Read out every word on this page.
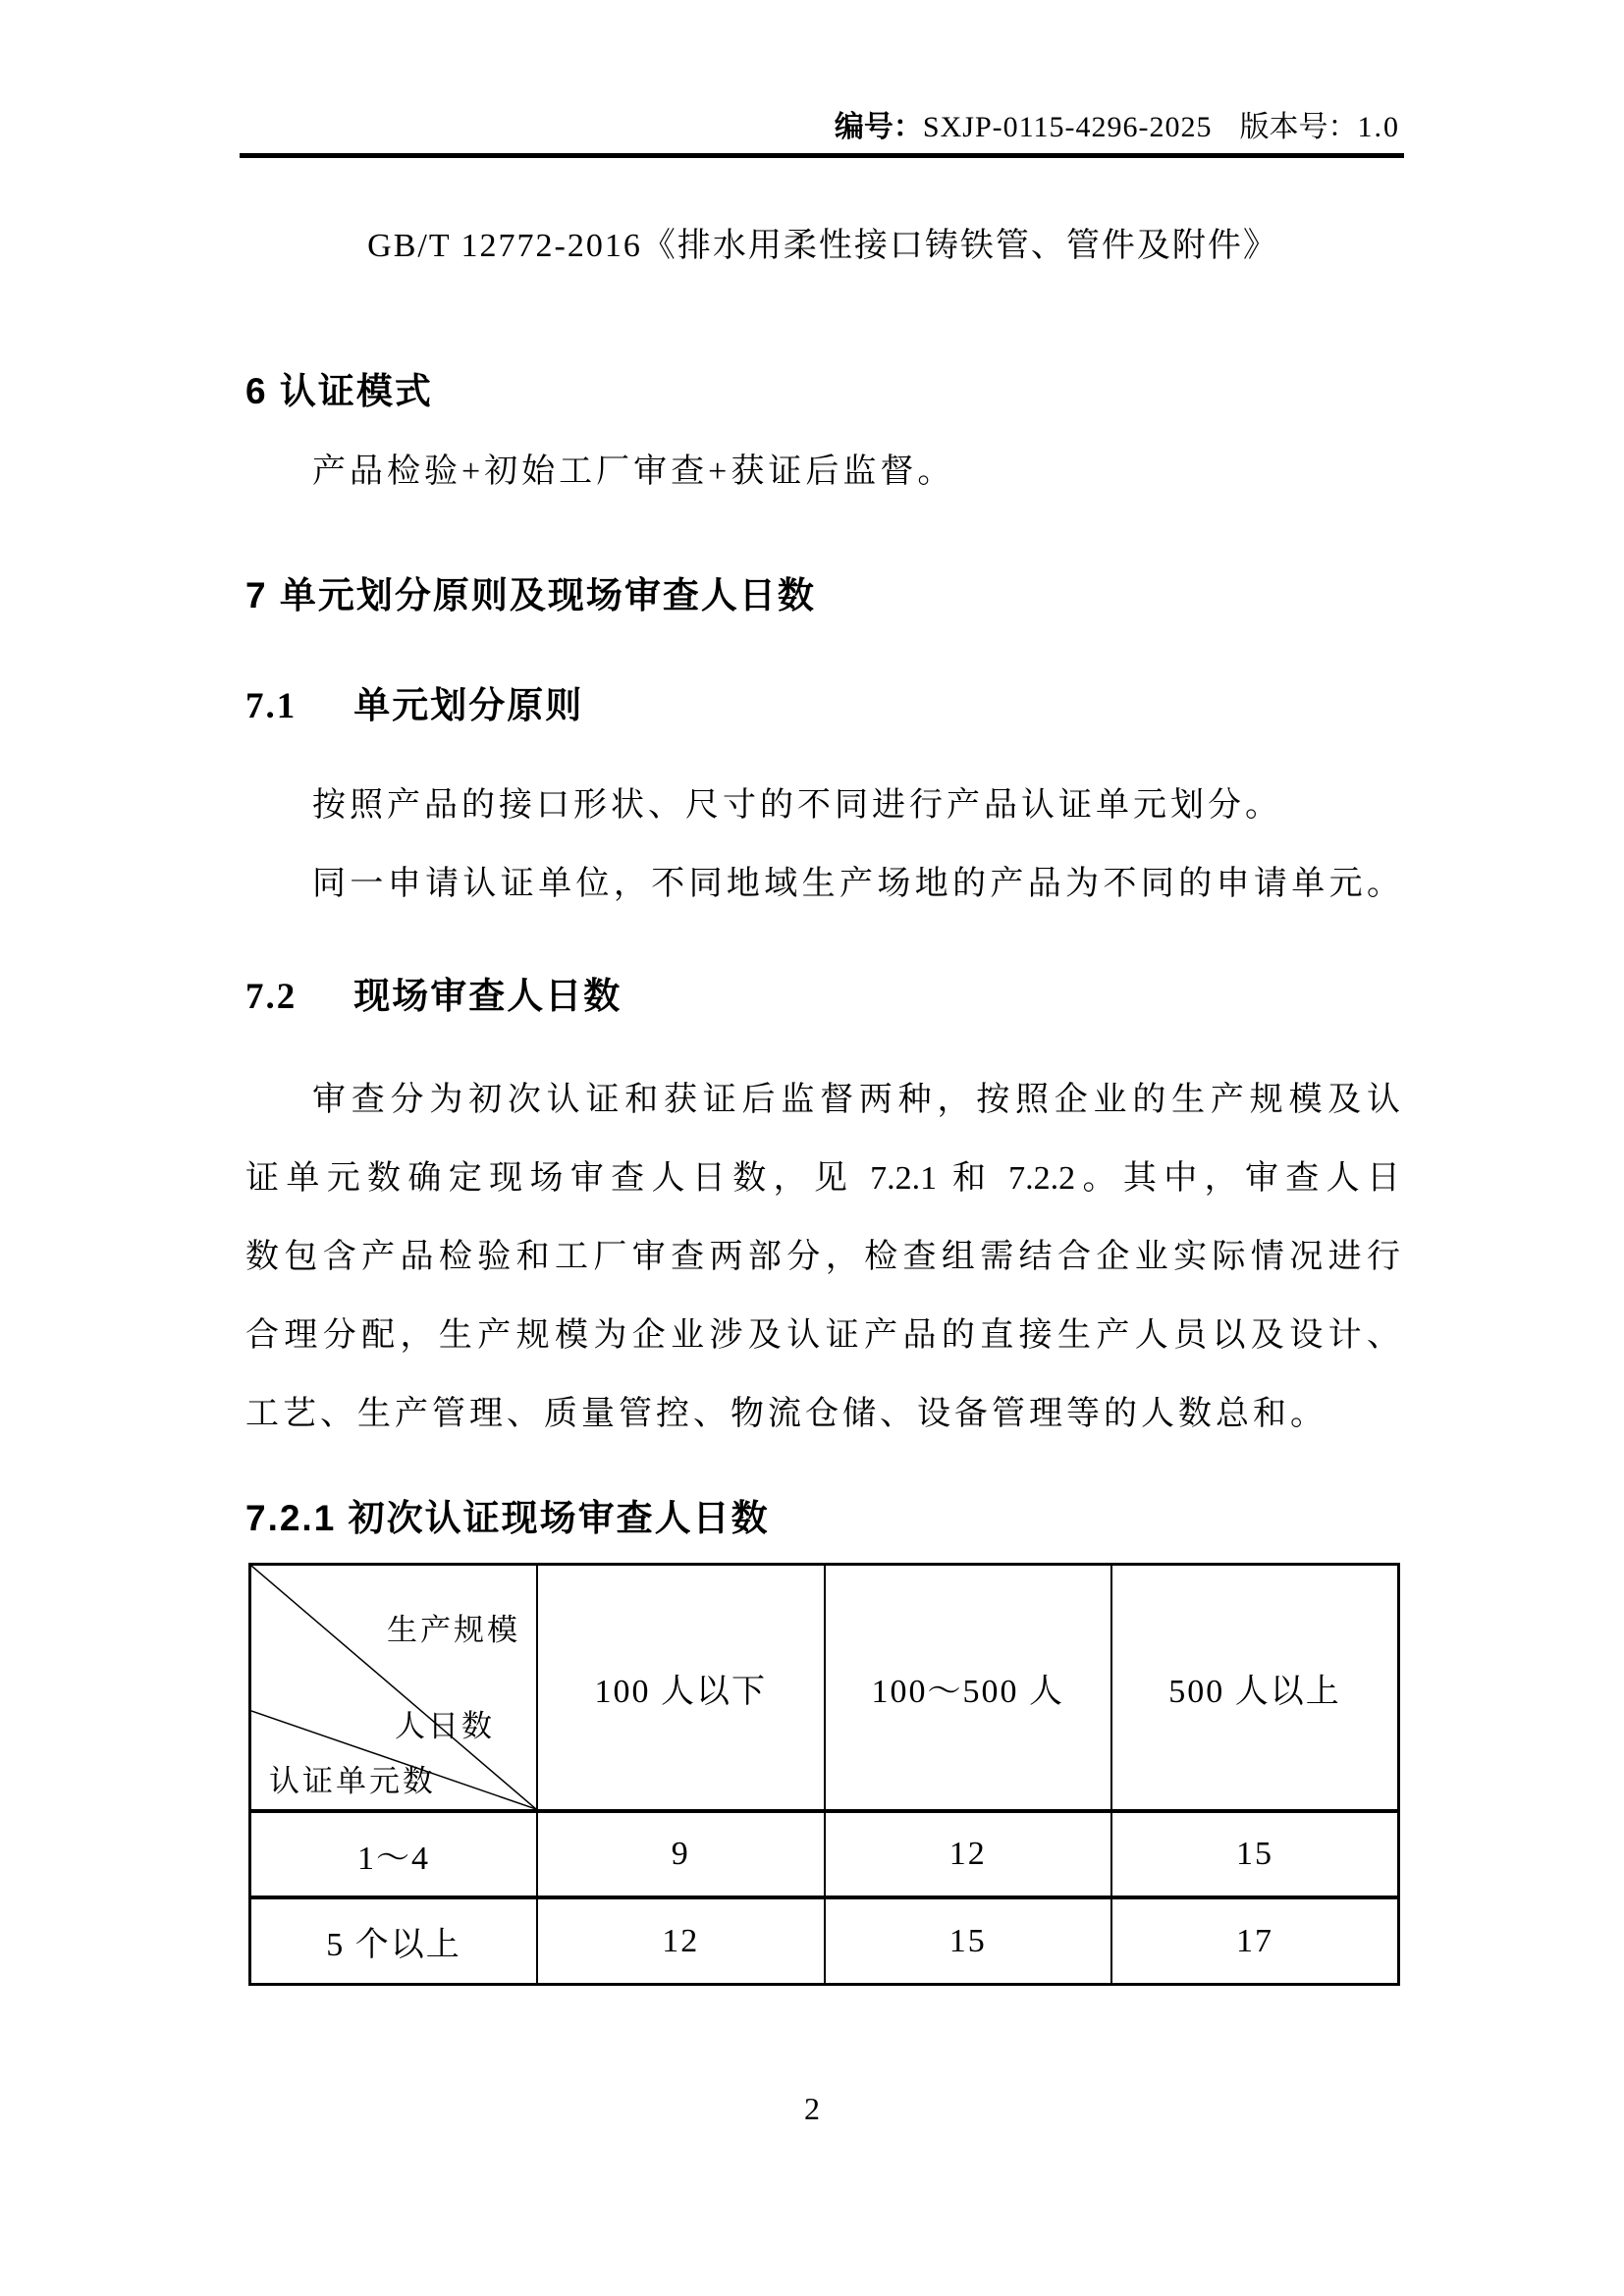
编号：SXJP-0115-4296-2025 版本号：1.0
GB/T 12772-2016《排水用柔性接口铸铁管、管件及附件》
6 认证模式
产品检验+初始工厂审查+获证后监督。
7 单元划分原则及现场审查人日数
7.1 单元划分原则
按照产品的接口形状、尺寸的不同进行产品认证单元划分。
同一申请认证单位，不同地域生产场地的产品为不同的申请单元。
7.2 现场审查人日数
审查分为初次认证和获证后监督两种，按照企业的生产规模及认
证单元数确定现场审查人日数，见 7.2.1 和 7.2.2。其中，审查人日
数包含产品检验和工厂审查两部分，检查组需结合企业实际情况进行
合理分配，生产规模为企业涉及认证产品的直接生产人员以及设计、
工艺、生产管理、质量管控、物流仓储、设备管理等的人数总和。
7.2.1 初次认证现场审查人日数
生产规模
人日数
认证单元数	100 人以下	100～500 人	500 人以上
1～4	9	12	15
5 个以上	12	15	17
2
